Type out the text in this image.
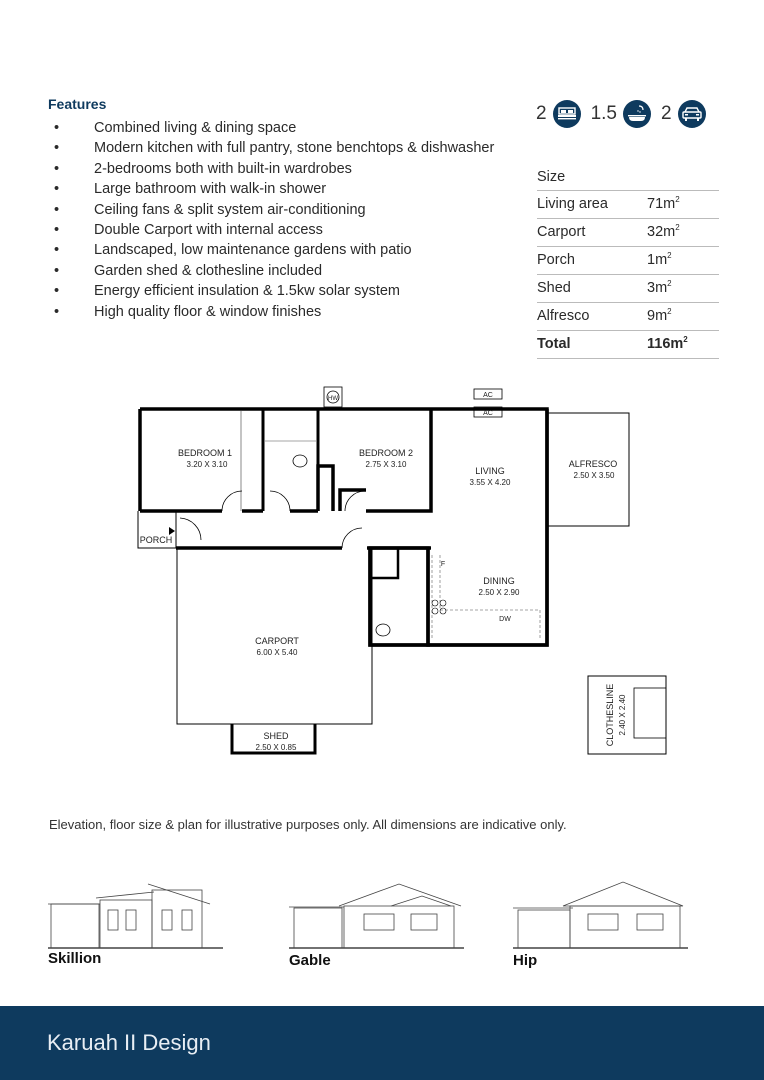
Features
• Combined living & dining space
• Modern kitchen with full pantry, stone benchtops & dishwasher
• 2-bedrooms both with built-in wardrobes
• Large bathroom with walk-in shower
• Ceiling fans & split system air-conditioning
• Double Carport with internal access
• Landscaped, low maintenance gardens with patio
• Garden shed & clothesline included
• Energy efficient insulation & 1.5kw solar system
• High quality floor & window finishes
2 1.5 2
Size
Living area	$71m^2$
Carport	$32m^2$
Porch	$1m^2$
Shed	$3m^2$
Alfresco	$9m^2$
Total	$116m^2$
BEDROOM 1
3.20 X 3.10
BEDROOM 2
2.75 X 3.10
LIVING
3.55 X 4.20
ALFRESCO
2.50 X 3.50
DINING
2.50 X 2.90
CARPORT
6.00 X 5.40
SHED
2.50 X 0.85
PORCH
HW	AC
AC
F
DW
CLOTHESLINE 2.40 X 2.40
Elevation, floor size & plan for illustrative purposes only. All dimensions are indicative only.
Skillion	Gable	Hip
Karuah II Design
